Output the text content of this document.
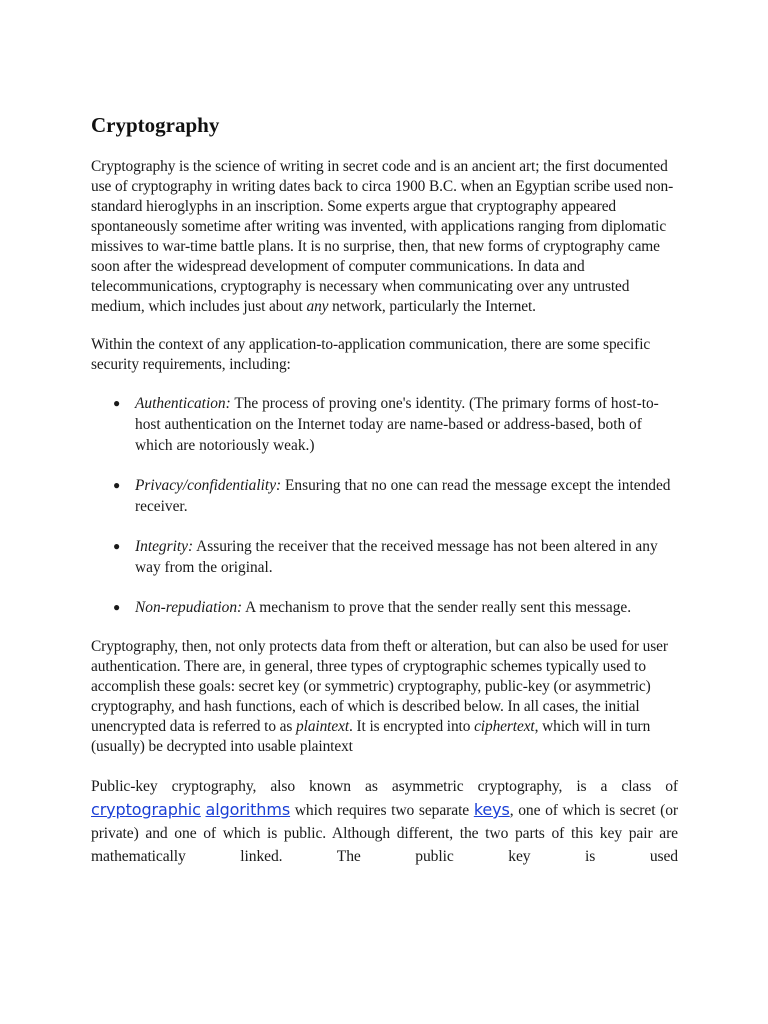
Cryptography

Cryptography is the science of writing in secret code and is an ancient art; the first documented use of cryptography in writing dates back to circa 1900 B.C. when an Egyptian scribe used non-standard hieroglyphs in an inscription. Some experts argue that cryptography appeared spontaneously sometime after writing was invented, with applications ranging from diplomatic missives to war-time battle plans. It is no surprise, then, that new forms of cryptography came soon after the widespread development of computer communications. In data and telecommunications, cryptography is necessary when communicating over any untrusted medium, which includes just about any network, particularly the Internet.

Within the context of any application-to-application communication, there are some specific security requirements, including:

● Authentication: The process of proving one's identity. (The primary forms of host-to-host authentication on the Internet today are name-based or address-based, both of which are notoriously weak.)
● Privacy/confidentiality: Ensuring that no one can read the message except the intended receiver.
● Integrity: Assuring the receiver that the received message has not been altered in any way from the original.
● Non-repudiation: A mechanism to prove that the sender really sent this message.

Cryptography, then, not only protects data from theft or alteration, but can also be used for user authentication. There are, in general, three types of cryptographic schemes typically used to accomplish these goals: secret key (or symmetric) cryptography, public-key (or asymmetric) cryptography, and hash functions, each of which is described below. In all cases, the initial unencrypted data is referred to as plaintext. It is encrypted into ciphertext, which will in turn (usually) be decrypted into usable plaintext

Public-key cryptography, also known as asymmetric cryptography, is a class of cryptographic algorithms which requires two separate keys, one of which is secret (or private) and one of which is public. Although different, the two parts of this key pair are mathematically linked. The public key is used
